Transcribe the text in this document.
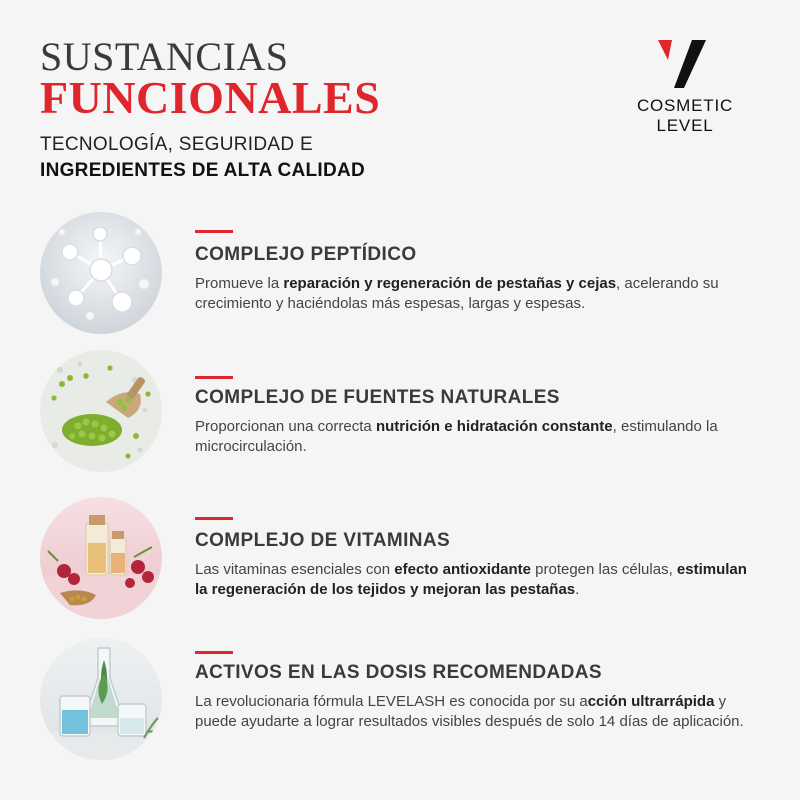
SUSTANCIAS
FUNCIONALES
TECNOLOGÍA, SEGURIDAD E
INGREDIENTES DE ALTA CALIDAD
COSMETIC LEVEL
COMPLEJO PEPTÍDICO
Promueve la reparación y regeneración de pestañas y cejas, acelerando su crecimiento y haciéndolas más espesas, largas y espesas.
COMPLEJO DE FUENTES NATURALES
Proporcionan una correcta nutrición e hidratación constante, estimulando la microcirculación.
COMPLEJO DE VITAMINAS
Las vitaminas esenciales con efecto antioxidante protegen las células, estimulan la regeneración de los tejidos y mejoran las pestañas.
ACTIVOS EN LAS DOSIS RECOMENDADAS
La revolucionaria fórmula LEVELASH es conocida por su acción ultrarrápida y puede ayudarte a lograr resultados visibles después de solo 14 días de aplicación.
